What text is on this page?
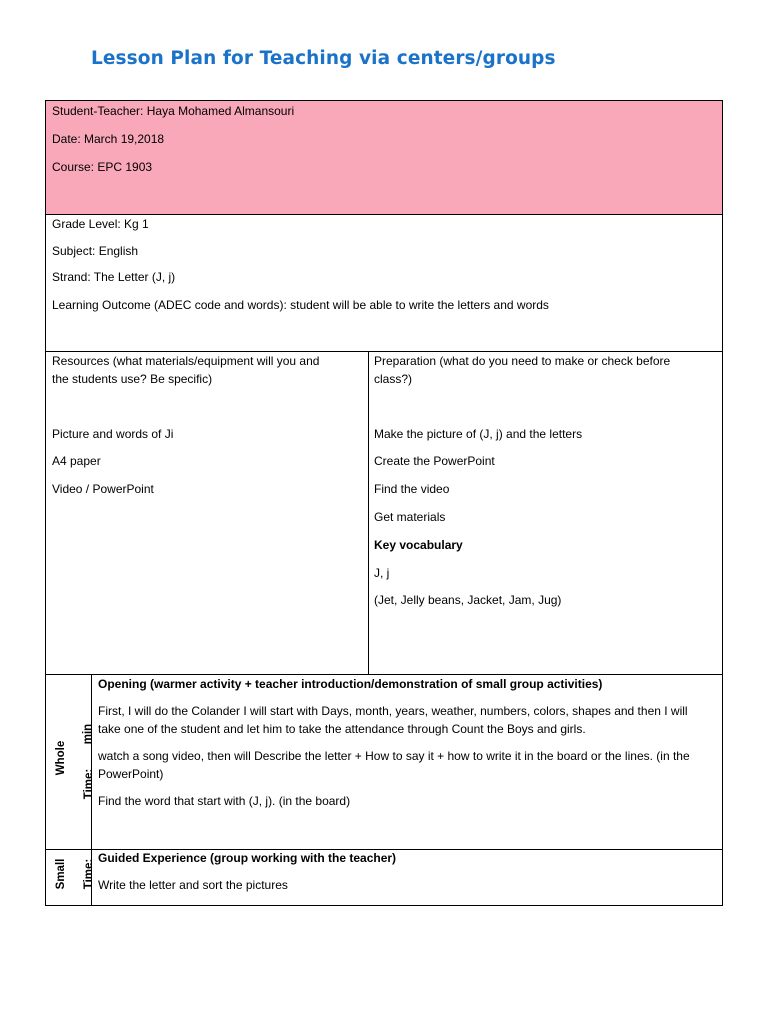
Lesson Plan for Teaching via centers/groups
Student-Teacher: Haya Mohamed Almansouri
Date: March 19,2018
Course: EPC 1903
Grade Level: Kg 1
Subject: English
Strand: The Letter (J, j)
Learning Outcome (ADEC code and words): student will be able to write the letters and words
Resources (what materials/equipment will you and
the students use? Be specific)
Picture and words of Ji
A4 paper
Video / PowerPoint
Preparation (what do you need to make or check before
class?)
Make the picture of (J, j) and the letters
Create the PowerPoint
Find the video
Get materials
Key vocabulary
J, j
(Jet, Jelly beans, Jacket, Jam, Jug)
Whole
Time:
min
Opening (warmer activity + teacher introduction/demonstration of small group activities)
First, I will do the Colander I will start with Days, month, years, weather, numbers, colors, shapes and then I will take one of the student and let him to take the attendance through Count the Boys and girls.
watch a song video, then will Describe the letter + How to say it + how to write it in the board or the lines. (in the PowerPoint)
Find the word that start with (J, j). (in the board)
Small Time:
Guided Experience (group working with the teacher)
Write the letter and sort the pictures
